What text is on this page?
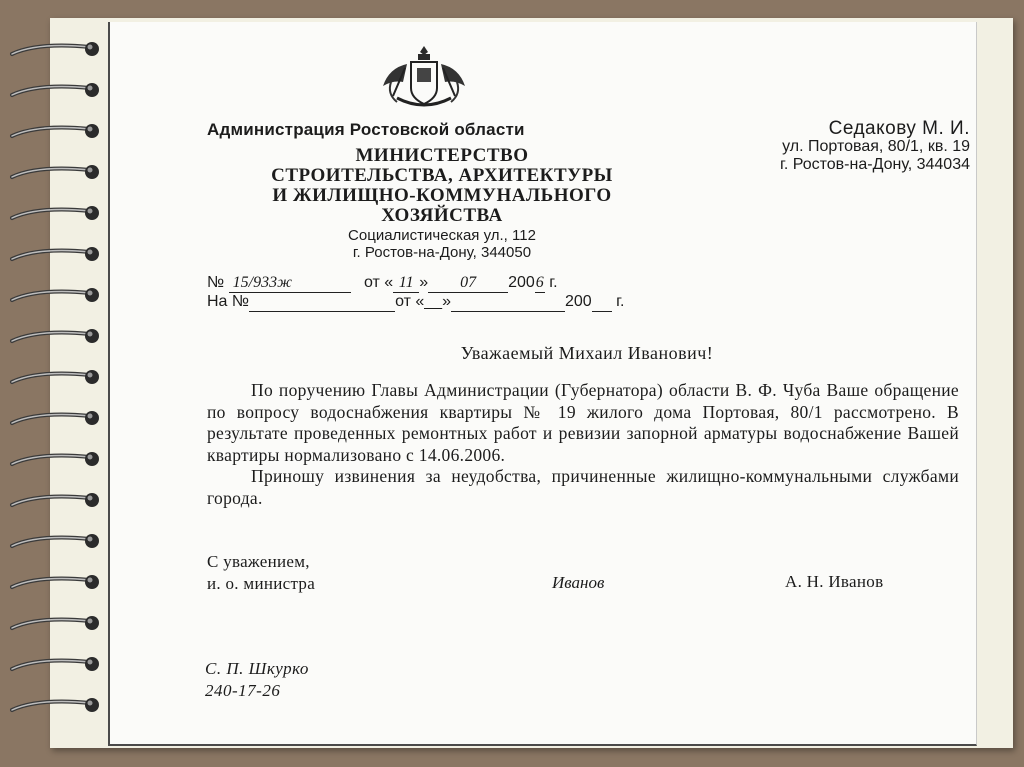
Администрация Ростовской области
МИНИСТЕРСТВО
СТРОИТЕЛЬСТВА, АРХИТЕКТУРЫ
И ЖИЛИЩНО-КОММУНАЛЬНОГО
ХОЗЯЙСТВА
Социалистическая ул., 112
г. Ростов-на-Дону, 344050
Седакову М. И.
ул. Портовая, 80/1, кв. 19
г. Ростов-на-Дону, 344034
№ 15/933ж	от « 11 » 07 2006 г.
На №	от «__»	200  г.
Уважаемый Михаил Иванович!

По поручению Главы Администрации (Губернатора) области В. Ф. Чуба Ваше обращение по вопросу водоснабжения квартиры № 19 жилого дома Портовая, 80/1 рассмотрено. В результате проведенных ремонтных работ и ревизии запорной арматуры водоснабжение Вашей квартиры нормализовано с 14.06.2006.

Приношу извинения за неудобства, причиненные жилищно-коммунальными службами города.

С уважением,
и. о. министра	Иванов	А. Н. Иванов
С. П. Шкурко
240-17-26
